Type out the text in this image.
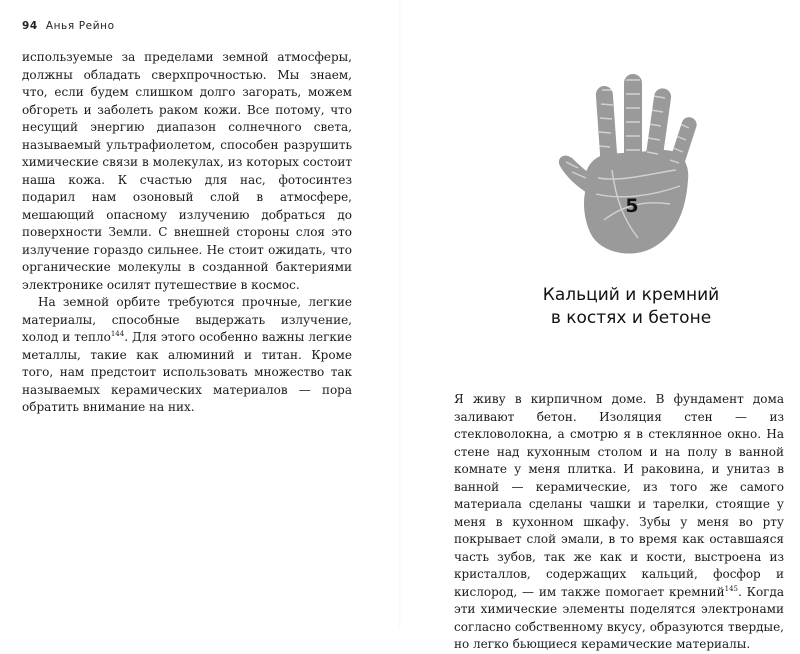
94 Анья Рейно

используемые за пределами земной атмосферы, должны обладать сверхпрочностью. Мы знаем, что, если будем слишком долго загорать, можем обгореть и заболеть раком кожи. Все потому, что несущий энергию диапазон солнечного света, называемый ультрафиолетом, способен разрушить химические связи в молекулах, из которых состоит наша кожа. К счастью для нас, фотосинтез подарил нам озоновый слой в атмосфере, мешающий опасному излучению добраться до поверхности Земли. С внешней стороны слоя это излучение гораздо сильнее. Не стоит ожидать, что органические молекулы в созданной бактериями электронике осилят путешествие в космос.

На земной орбите требуются прочные, легкие материалы, способные выдержать излучение, холод и тепло$^{144}$. Для этого особенно важны легкие металлы, такие как алюминий и титан. Кроме того, нам предстоит использовать множество так называемых керамических материалов — пора обратить внимание на них.

5
Кальций и кремний
в костях и бетоне

Я живу в кирпичном доме. В фундамент дома заливают бетон. Изоляция стен — из стекловолокна, а смотрю я в стеклянное окно. На стене над кухонным столом и на полу в ванной комнате у меня плитка. И раковина, и унитаз в ванной — керамические, из того же самого материала сделаны чашки и тарелки, стоящие у меня в кухонном шкафу. Зубы у меня во рту покрывает слой эмали, в то время как оставшаяся часть зубов, так же как и кости, выстроена из кристаллов, содержащих кальций, фосфор и кислород, — им также помогает кремний$^{145}$. Когда эти химические элементы поделятся электронами согласно собственному вкусу, образуются твердые, но легко бьющиеся керамические материалы.
